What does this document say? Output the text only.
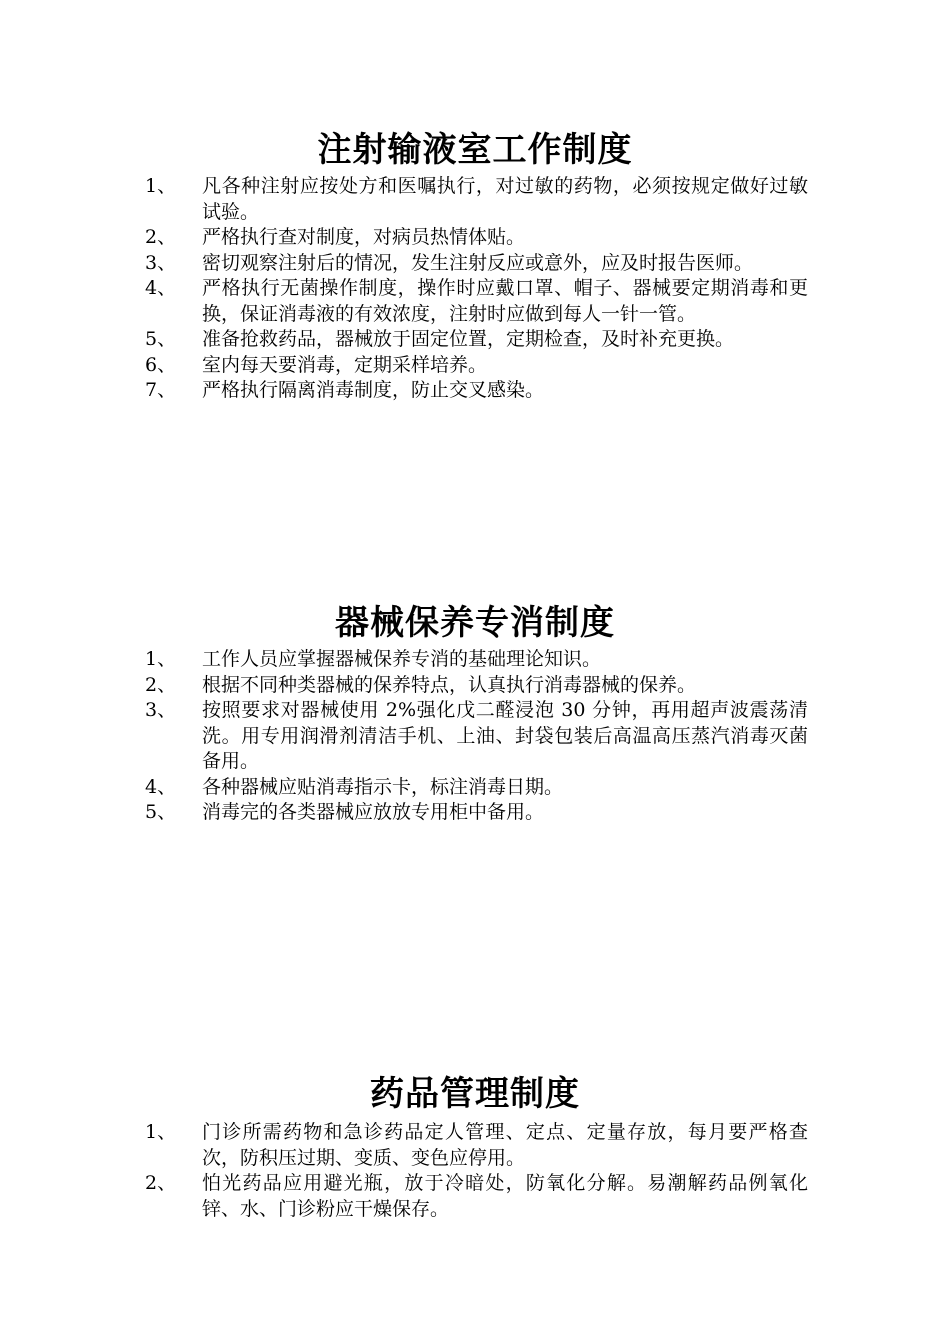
注射输液室工作制度
1、 凡各种注射应按处方和医嘱执行，对过敏的药物，必须按规定做好过敏试验。
2、 严格执行查对制度，对病员热情体贴。
3、 密切观察注射后的情况，发生注射反应或意外，应及时报告医师。
4、 严格执行无菌操作制度，操作时应戴口罩、帽子、器械要定期消毒和更换，保证消毒液的有效浓度，注射时应做到每人一针一管。
5、 准备抢救药品，器械放于固定位置，定期检查，及时补充更换。
6、 室内每天要消毒，定期采样培养。
7、 严格执行隔离消毒制度，防止交叉感染。
器械保养专消制度
1、 工作人员应掌握器械保养专消的基础理论知识。
2、 根据不同种类器械的保养特点，认真执行消毒器械的保养。
3、 按照要求对器械使用 2%强化戊二醛浸泡 30 分钟，再用超声波震荡清洗。用专用润滑剂清洁手机、上油、封袋包装后高温高压蒸汽消毒灭菌备用。
4、 各种器械应贴消毒指示卡，标注消毒日期。
5、 消毒完的各类器械应放放专用柜中备用。
药品管理制度
1、 门诊所需药物和急诊药品定人管理、定点、定量存放，每月要严格查次，防积压过期、变质、变色应停用。
2、 怕光药品应用避光瓶，放于冷暗处，防氧化分解。易潮解药品例氧化锌、水、门诊粉应干燥保存。
